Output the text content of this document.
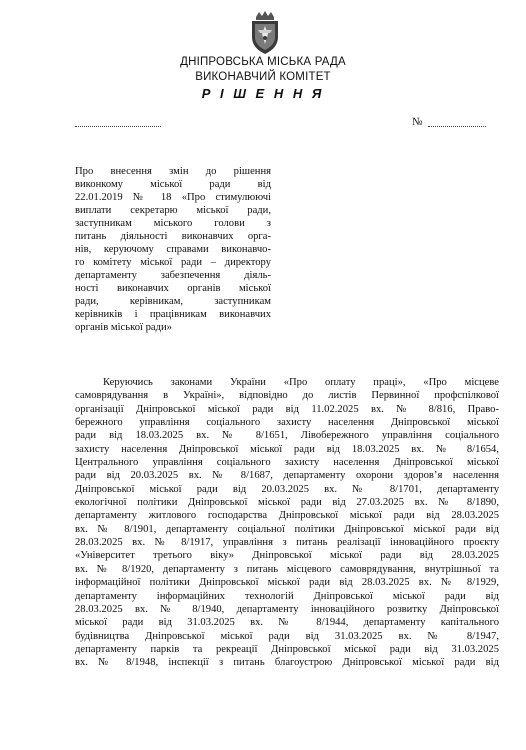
ДНІПРОВСЬКА МІСЬКА РАДА
ВИКОНАВЧИЙ КОМІТЕТ
Р І Ш Е Н Н Я
№
Про внесення змін до рішення
виконкому міської ради від
22.01.2019 № 18 «Про стимулюючі
виплати секретарю міської ради,
заступникам міського голови з
питань діяльності виконавчих орга-
нів, керуючому справами виконавчо-
го комітету міської ради – директору
департаменту забезпечення діяль-
ності виконавчих органів міської
ради, керівникам, заступникам
керівників і працівникам виконавчих
органів міської ради»
Керуючись законами України «Про оплату праці», «Про місцеве
самоврядування в Україні», відповідно до листів Первинної профспілкової
організації Дніпровської міської ради від 11.02.2025 вх. № 8/816, Право-
бережного управління соціального захисту населення Дніпровської міської
ради від 18.03.2025 вх. № 8/1651, Лівобережного управління соціального
захисту населення Дніпровської міської ради від 18.03.2025 вх. № 8/1654,
Центрального управління соціального захисту населення Дніпровської міської
ради від 20.03.2025 вх. № 8/1687, департаменту охорони здоров’я населення
Дніпровської міської ради від 20.03.2025 вх. № 8/1701, департаменту
екологічної політики Дніпровської міської ради від 27.03.2025 вх. № 8/1890,
департаменту житлового господарства Дніпровської міської ради від 28.03.2025
вх. № 8/1901, департаменту соціальної політики Дніпровської міської ради від
28.03.2025 вх. № 8/1917, управління з питань реалізації інноваційного проєкту
«Університет третього віку» Дніпровської міської ради від 28.03.2025
вх. № 8/1920, департаменту з питань місцевого самоврядування, внутрішньої та
інформаційної політики Дніпровської міської ради від 28.03.2025 вх. № 8/1929,
департаменту інформаційних технологій Дніпровської міської ради від
28.03.2025 вх. № 8/1940, департаменту інноваційного розвитку Дніпровської
міської ради від 31.03.2025 вх. № 8/1944, департаменту капітального
будівництва Дніпровської міської ради від 31.03.2025 вх. № 8/1947,
департаменту парків та рекреації Дніпровської міської ради від 31.03.2025
вх. № 8/1948, інспекції з питань благоустрою Дніпровської міської ради від
